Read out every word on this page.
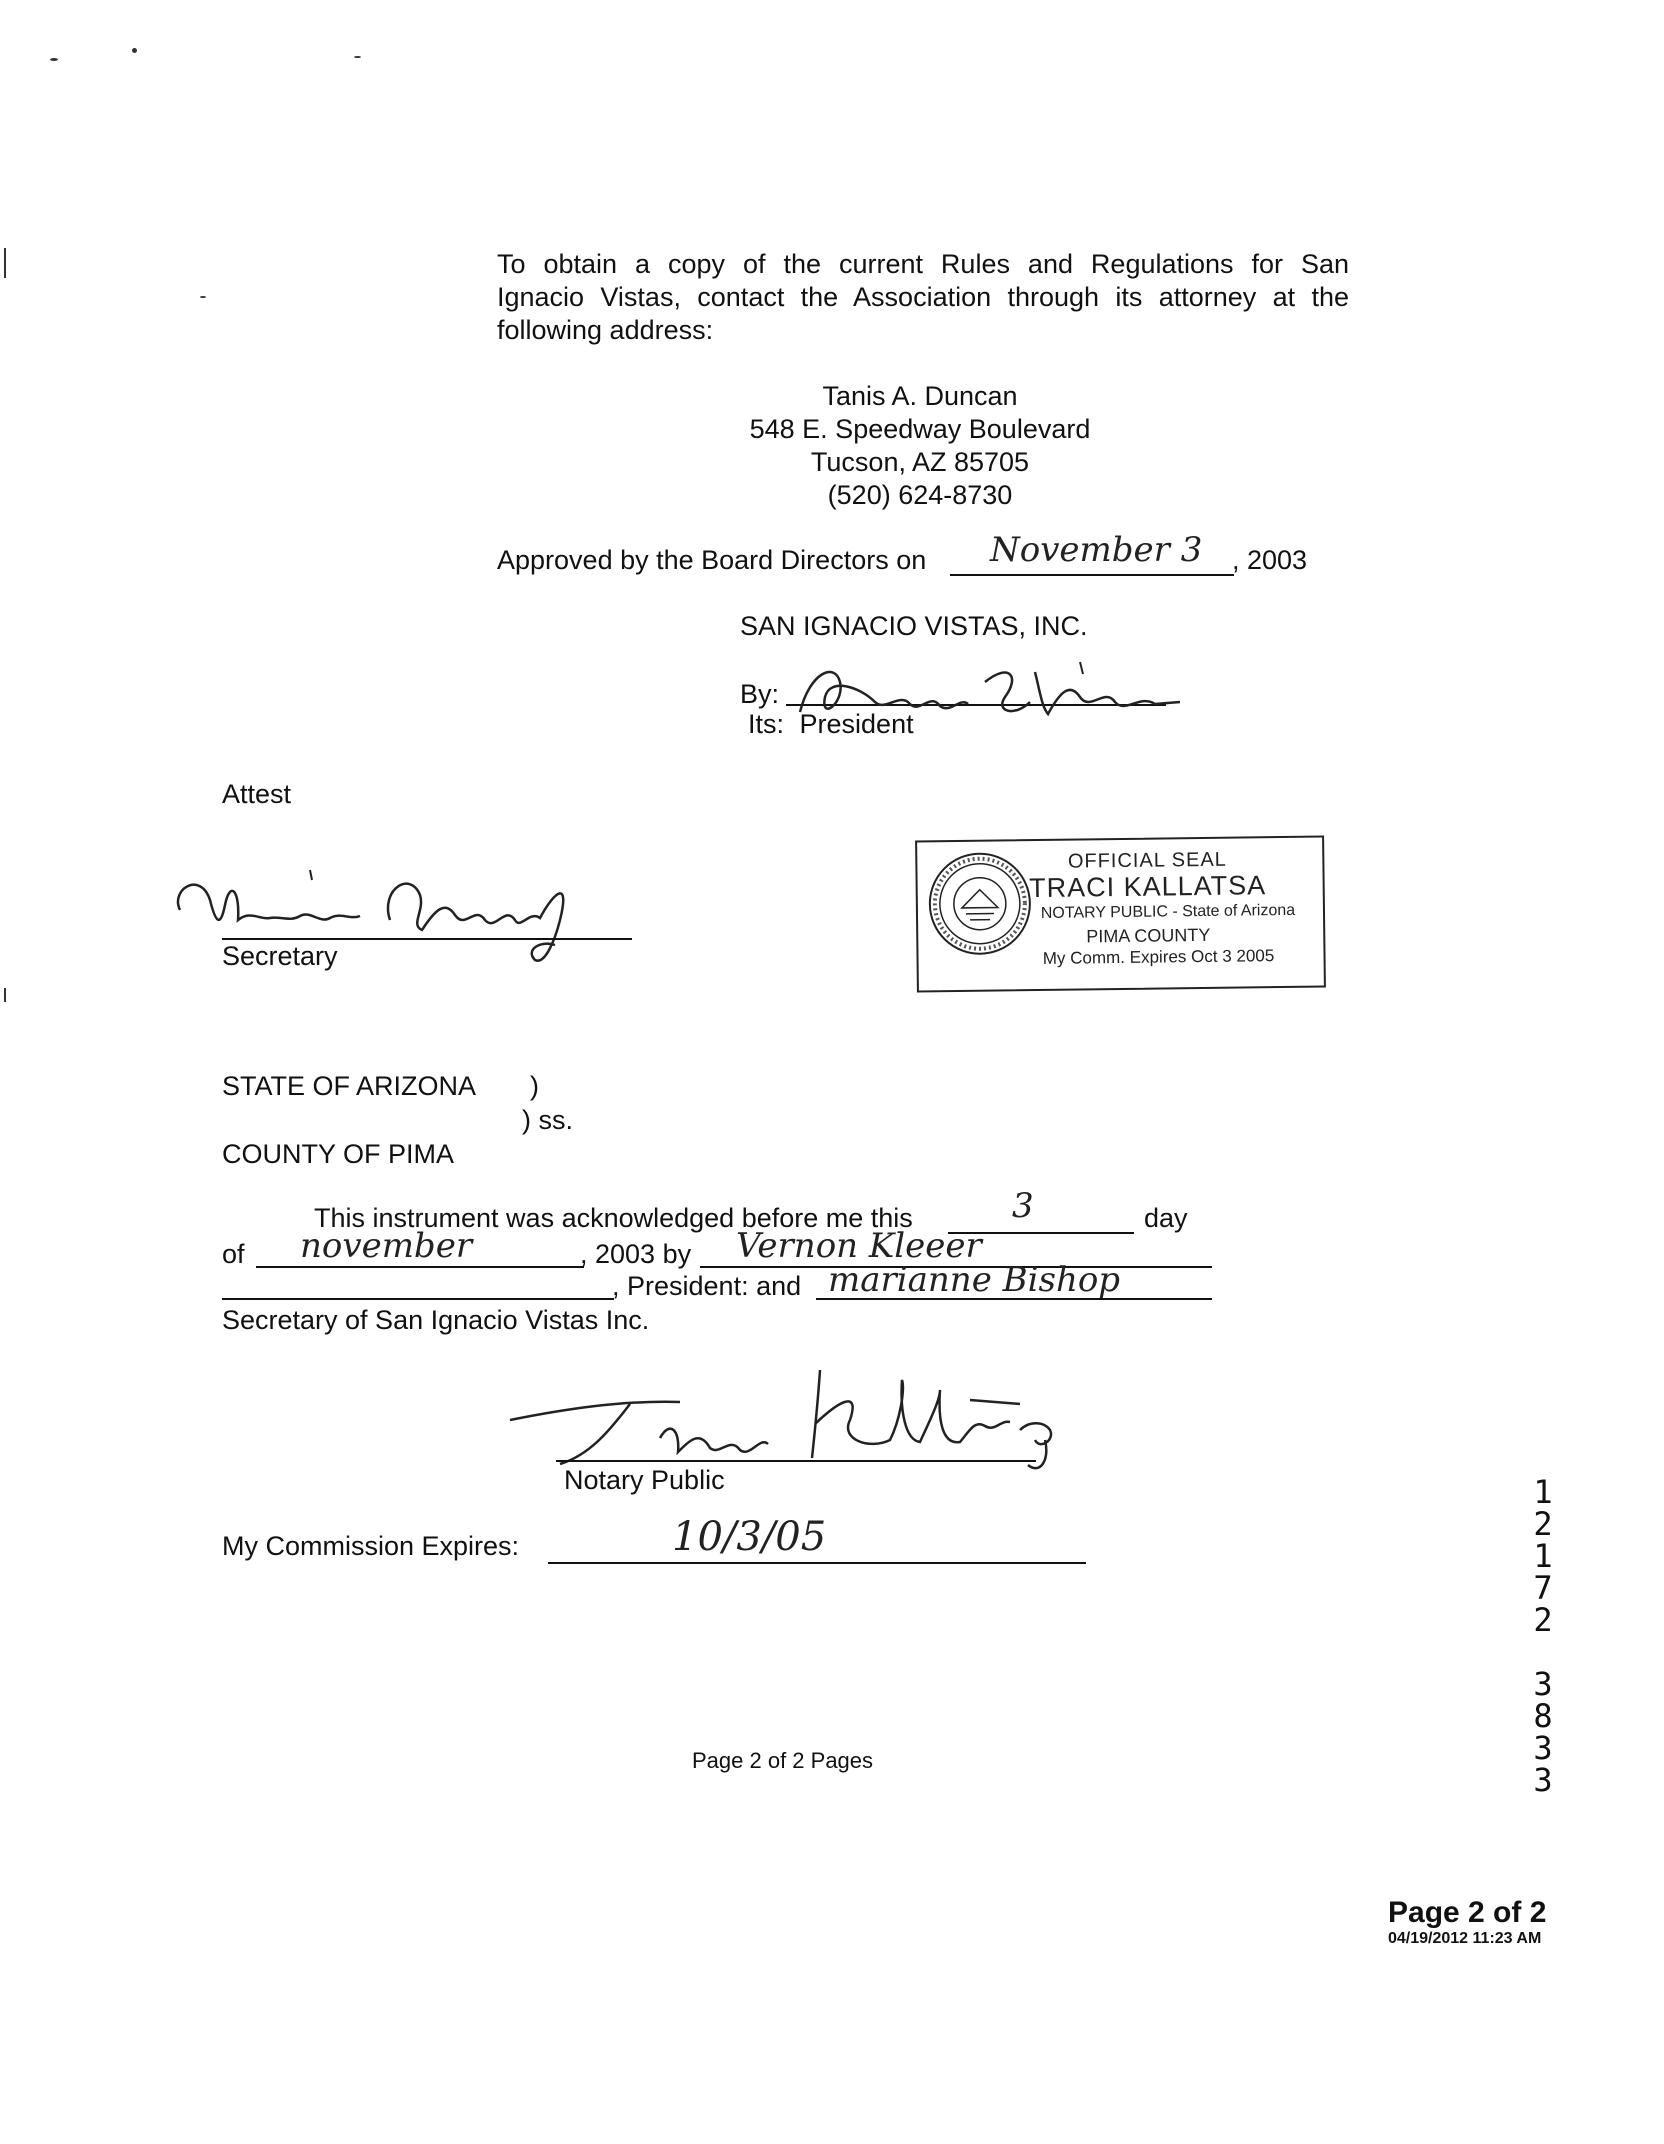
To obtain a copy of the current Rules and Regulations for San
Ignacio Vistas, contact the Association through its attorney at the
following address:
Tanis A. Duncan
548 E. Speedway Boulevard
Tucson, AZ 85705
(520) 624-8730
Approved by the Board Directors on November 3 , 2003
SAN IGNACIO VISTAS, INC.
By:
Its: President
Attest
Secretary
OFFICIAL SEAL
TRACI KALLATSA
NOTARY PUBLIC - State of Arizona
PIMA COUNTY
My Comm. Expires Oct 3 2005
STATE OF ARIZONA )
) ss.
COUNTY OF PIMA
This instrument was acknowledged before me this	3	day
of november	, 2003 by Vernon Kleeer
, President: and marianne Bishop
Secretary of San Ignacio Vistas Inc.
Notary Public
My Commission Expires:	10/3/05
Page 2 of 2 Pages
Page 2 of 2
04/19/2012 11:23 AM
1
2
1
7
2
3
8
3
3
